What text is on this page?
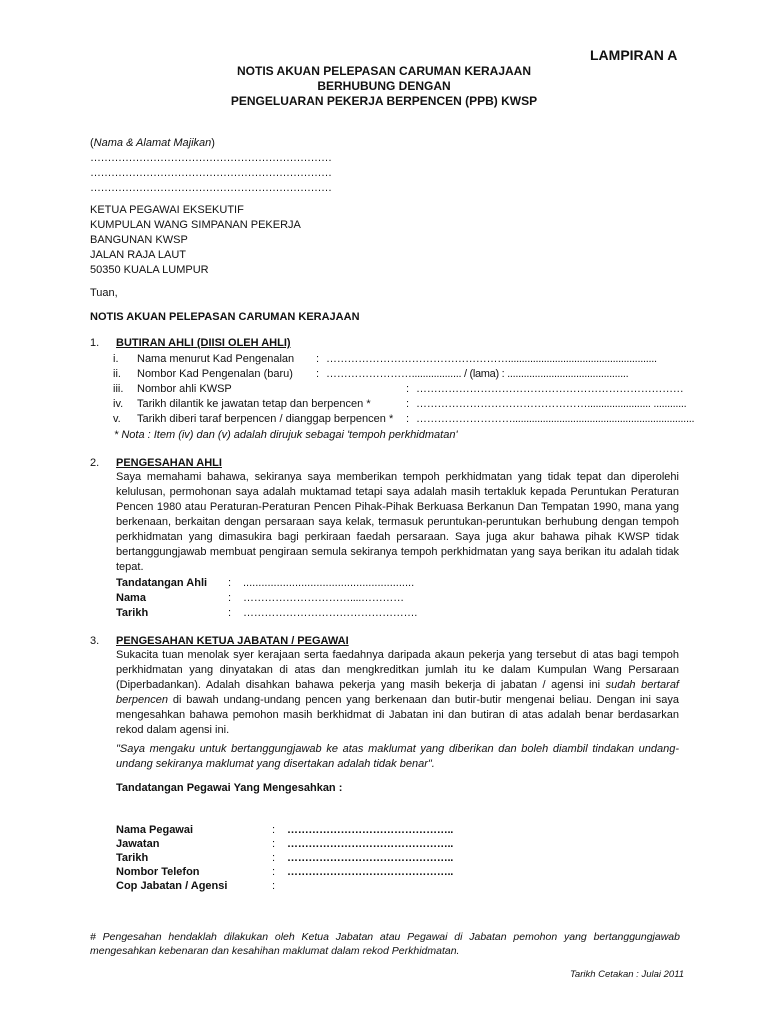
LAMPIRAN A
NOTIS AKUAN PELEPASAN CARUMAN KERAJAAN
BERHUBUNG DENGAN
PENGELUARAN PEKERJA BERPENCEN (PPB) KWSP
(Nama & Alamat Majikan)
……………………………………………………………
……………………………………………………………
……………………………………………………………
KETUA PEGAWAI EKSEKUTIF
KUMPULAN WANG SIMPANAN PEKERJA
BANGUNAN KWSP
JALAN RAJA LAUT
50350 KUALA LUMPUR
Tuan,
NOTIS AKUAN PELEPASAN CARUMAN KERAJAAN
1. BUTIRAN AHLI (DIISI OLEH AHLI)
i. Nama menurut Kad Pengenalan : ……………………………………………......................................................
ii. Nombor Kad Pengenalan (baru) : …………………….................. / (lama) : ............................................
iii. Nombor ahli KWSP	: …………………………………………………………………
iv. Tarikh dilantik ke jawatan tetap dan berpencen *	: …………………………………………....................... ............
v. Tarikh diberi taraf berpencen / dianggap berpencen * : ………………………..................................................................
* Nota : Item (iv) dan (v) adalah dirujuk sebagai 'tempoh perkhidmatan'
2. PENGESAHAN AHLI
Saya memahami bahawa, sekiranya saya memberikan tempoh perkhidmatan yang tidak tepat dan diperolehi kelulusan, permohonan saya adalah muktamad tetapi saya adalah masih tertakluk kepada Peruntukan Peraturan Pencen 1980 atau Peraturan-Peraturan Pencen Pihak-Pihak Berkuasa Berkanun Dan Tempatan 1990, mana yang berkenaan, berkaitan dengan persaraan saya kelak, termasuk peruntukan-peruntukan berhubung dengan tempoh perkhidmatan yang dimasukira bagi perkiraan faedah persaraan. Saya juga akur bahawa pihak KWSP tidak bertanggungjawab membuat pengiraan semula sekiranya tempoh perkhidmatan yang saya berikan itu adalah tidak tepat.
Tandatangan Ahli : ........................................................
Nama	: …………………………....…………
Tarikh	: ………………………………………….
3. PENGESAHAN KETUA JABATAN / PEGAWAI
Sukacita tuan menolak syer kerajaan serta faedahnya daripada akaun pekerja yang tersebut di atas bagi tempoh perkhidmatan yang dinyatakan di atas dan mengkreditkan jumlah itu ke dalam Kumpulan Wang Persaraan (Diperbadankan). Adalah disahkan bahawa pekerja yang masih bekerja di jabatan / agensi ini sudah bertaraf berpencen di bawah undang-undang pencen yang berkenaan dan butir-butir mengenai beliau. Dengan ini saya mengesahkan bahawa pemohon masih berkhidmat di Jabatan ini dan butiran di atas adalah benar berdasarkan rekod dalam agensi ini.
"Saya mengaku untuk bertanggungjawab ke atas maklumat yang diberikan dan boleh diambil tindakan undang-undang sekiranya maklumat yang disertakan adalah tidak benar".
Tandatangan Pegawai Yang Mengesahkan :
Nama Pegawai	: ………………………………………..
Jawatan	: ………………………………………..
Tarikh	: ………………………………………..
Nombor Telefon	: ………………………………………..
Cop Jabatan / Agensi	:
# Pengesahan hendaklah dilakukan oleh Ketua Jabatan atau Pegawai di Jabatan pemohon yang bertanggungjawab mengesahkan kebenaran dan kesahihan maklumat dalam rekod Perkhidmatan.
Tarikh Cetakan : Julai 2011
